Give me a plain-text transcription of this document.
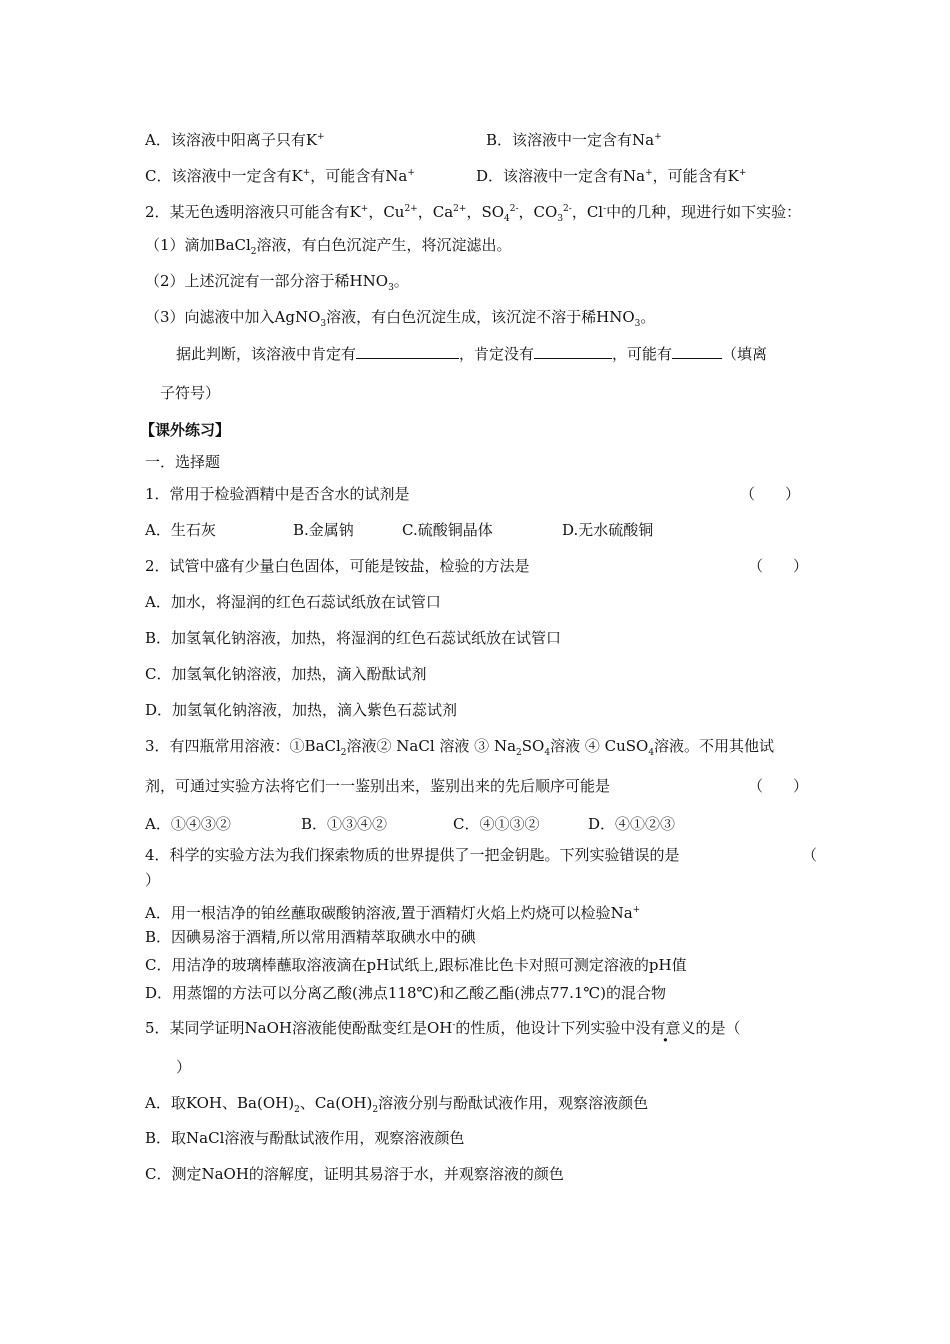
A．该溶液中阳离子只有K+	B．该溶液中一定含有Na+
C．该溶液中一定含有K+，可能含有Na+	D．该溶液中一定含有Na+，可能含有K+
2．某无色透明溶液只可能含有K+，$Cu^{2+}$，$Ca^{2+}$，$SO_4^{2-}$，$CO_3^{2-}$，Cl-中的几种，现进行如下实验：
（1）滴加BaCl$_2$溶液，有白色沉淀产生，将沉淀滤出。
（2）上述沉淀有一部分溶于稀$HNO_3$。
（3）向滤液中加入AgNO$_3$溶液，有白色沉淀生成，该沉淀不溶于稀$HNO_3$。
据此判断，该溶液中肯定有	，肯定没有	，可能有	（填离
子符号）
【课外练习】
一．选择题
1．常用于检验酒精中是否含水的试剂是	（　　）
A．生石灰	B.金属钠	C.硫酸铜晶体	D.无水硫酸铜
2．试管中盛有少量白色固体，可能是铵盐，检验的方法是	（　　）
A．加水，将湿润的红色石蕊试纸放在试管口
B．加氢氧化钠溶液，加热，将湿润的红色石蕊试纸放在试管口
C．加氢氧化钠溶液，加热，滴入酚酞试剂
D．加氢氧化钠溶液，加热，滴入紫色石蕊试剂
3．有四瓶常用溶液：①BaCl$_2$溶液② NaCl 溶液 ③ $Na_2SO_4$溶液 ④ CuSO$_4$溶液。不用其他试
剂，可通过实验方法将它们一一鉴别出来，鉴别出来的先后顺序可能是	（　　）
A．①④③②	B．①③④②	C．④①③②	D．④①②③
4．科学的实验方法为我们探索物质的世界提供了一把金钥匙。下列实验错误的是	（
）
A．用一根洁净的铂丝蘸取碳酸钠溶液,置于酒精灯火焰上灼烧可以检验Na+
B．因碘易溶于酒精,所以常用酒精萃取碘水中的碘
C．用洁净的玻璃棒蘸取溶液滴在pH试纸上,跟标准比色卡对照可测定溶液的pH值
D．用蒸馏的方法可以分离乙酸(沸点118℃)和乙酸乙酯(沸点77.1℃)的混合物
5．某同学证明NaOH溶液能使酚酞变红是OH-的性质，他设计下列实验中没有意义的是（
）
A．取KOH、$Ba(OH)_2$、$Ca(OH)_2$溶液分别与酚酞试液作用，观察溶液颜色
B．取NaCl溶液与酚酞试液作用，观察溶液颜色
C．测定NaOH的溶解度，证明其易溶于水，并观察溶液的颜色
